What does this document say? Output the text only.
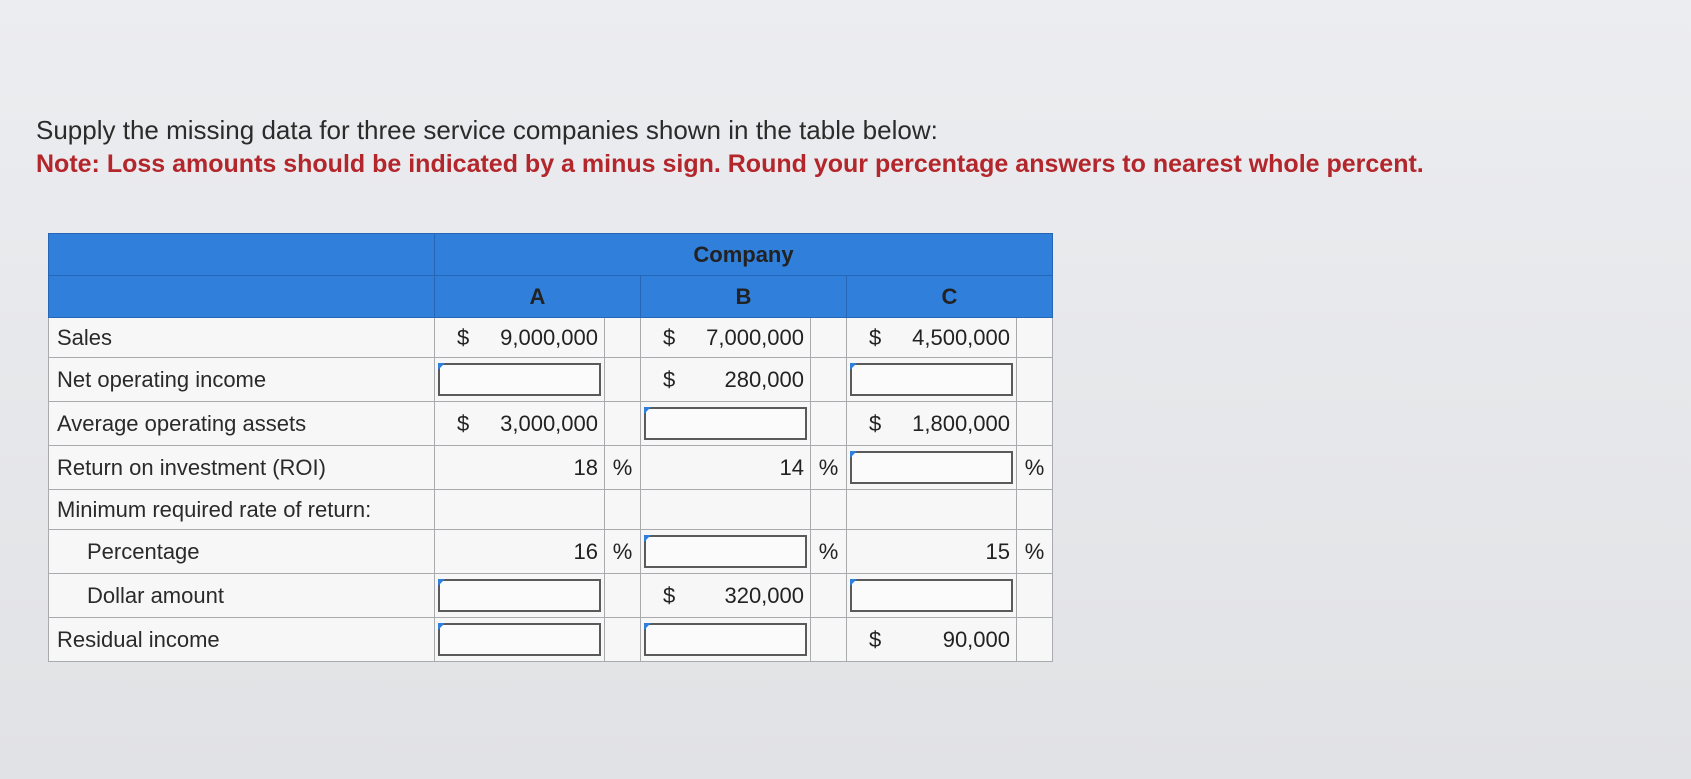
Supply the missing data for three service companies shown in the table below:
Note: Loss amounts should be indicated by a minus sign. Round your percentage answers to nearest whole percent.
	Company					
	A		B		C	
Sales	$ 9,000,000		$ 7,000,000		$ 4,500,000	

Net operating income			$ 280,000			

Average operating assets	$ 3,000,000				$ 1,800,000	

Return on investment (ROI)	18	%	14	%		%
Minimum required rate of return:						
Percentage	16	%		%	15	%
Dollar amount			$ 320,000			

Residual income					$ 90,000	
